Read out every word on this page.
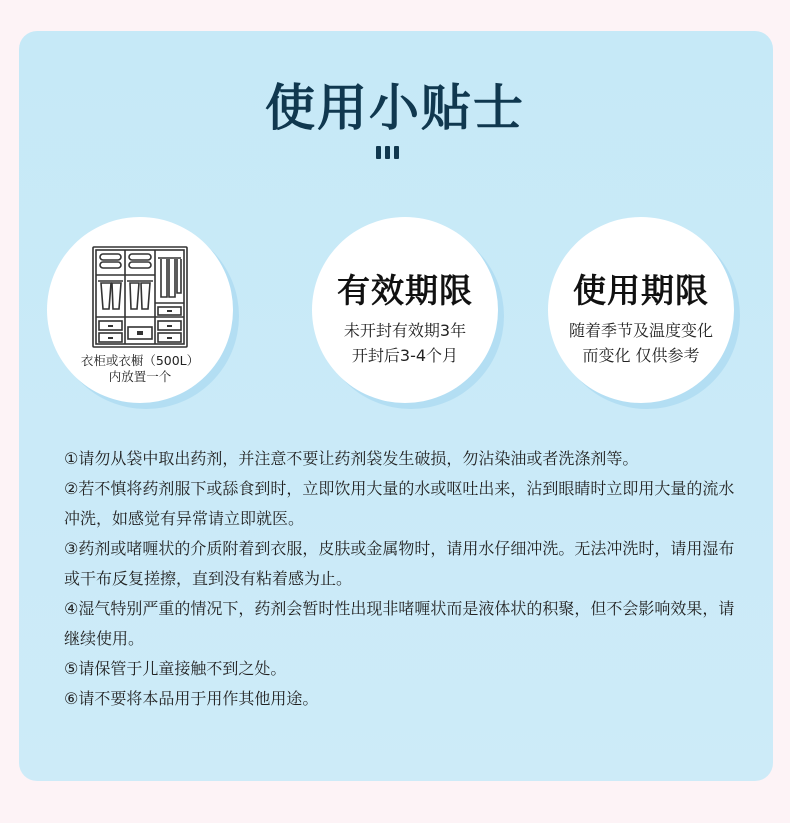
使用小贴士
衣柜或衣橱（500L）
内放置一个
有效期限
未开封有效期3年
开封后3-4个月
使用期限
随着季节及温度变化
而变化 仅供参考

①请勿从袋中取出药剂，并注意不要让药剂袋发生破损，勿沾染油或者洗涤剂等。

②若不慎将药剂服下或舔食到时，立即饮用大量的水或呕吐出来，沾到眼睛时立即用大量的流水冲洗，如感觉有异常请立即就医。

③药剂或啫喱状的介质附着到衣服，皮肤或金属物时，请用水仔细冲洗。无法冲洗时，请用湿布或干布反复搓擦，直到没有粘着感为止。

④湿气特别严重的情况下，药剂会暂时性出现非啫喱状而是液体状的积聚，但不会影响效果，请继续使用。

⑤请保管于儿童接触不到之处。

⑥请不要将本品用于用作其他用途。
